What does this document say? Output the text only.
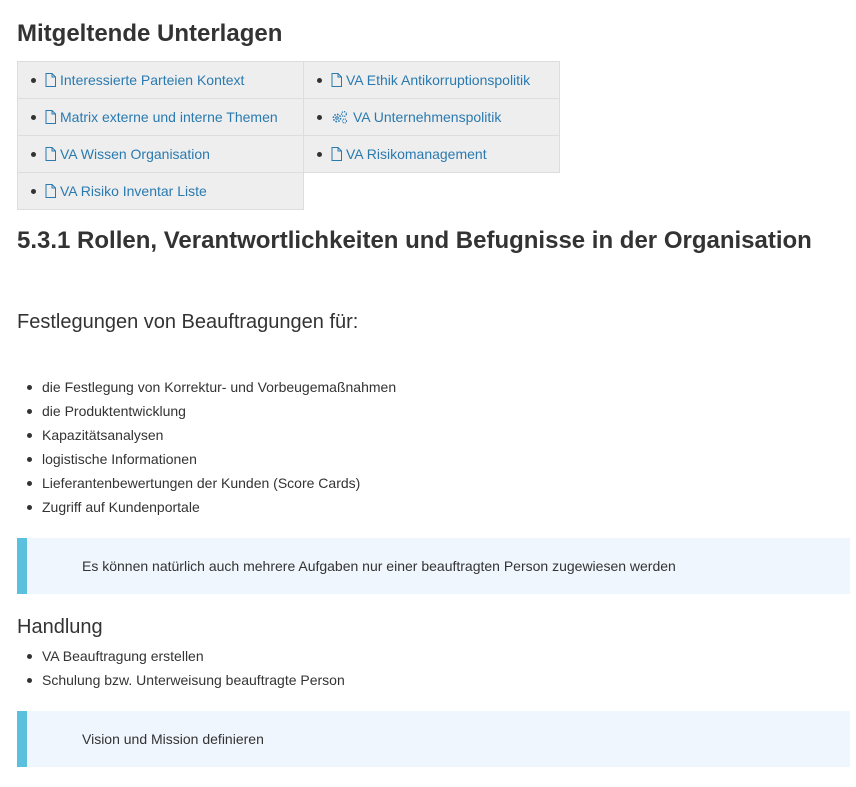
Mitgeltende Unterlagen
Interessierte Parteien Kontext	VA Ethik Antikorruptionspolitik
Matrix externe und interne Themen	VA Unternehmenspolitik
VA Wissen Organisation	VA Risikomanagement
VA Risiko Inventar Liste
5.3.1 Rollen, Verantwortlichkeiten und Befugnisse in der Organisation
Festlegungen von Beauftragungen für:
die Festlegung von Korrektur- und Vorbeugemaßnahmen
die Produktentwicklung
Kapazitätsanalysen
logistische Informationen
Lieferantenbewertungen der Kunden (Score Cards)
Zugriff auf Kundenportale
Es können natürlich auch mehrere Aufgaben nur einer beauftragten Person zugewiesen werden
Handlung
VA Beauftragung erstellen
Schulung bzw. Unterweisung beauftragte Person
Vision und Mission definieren
